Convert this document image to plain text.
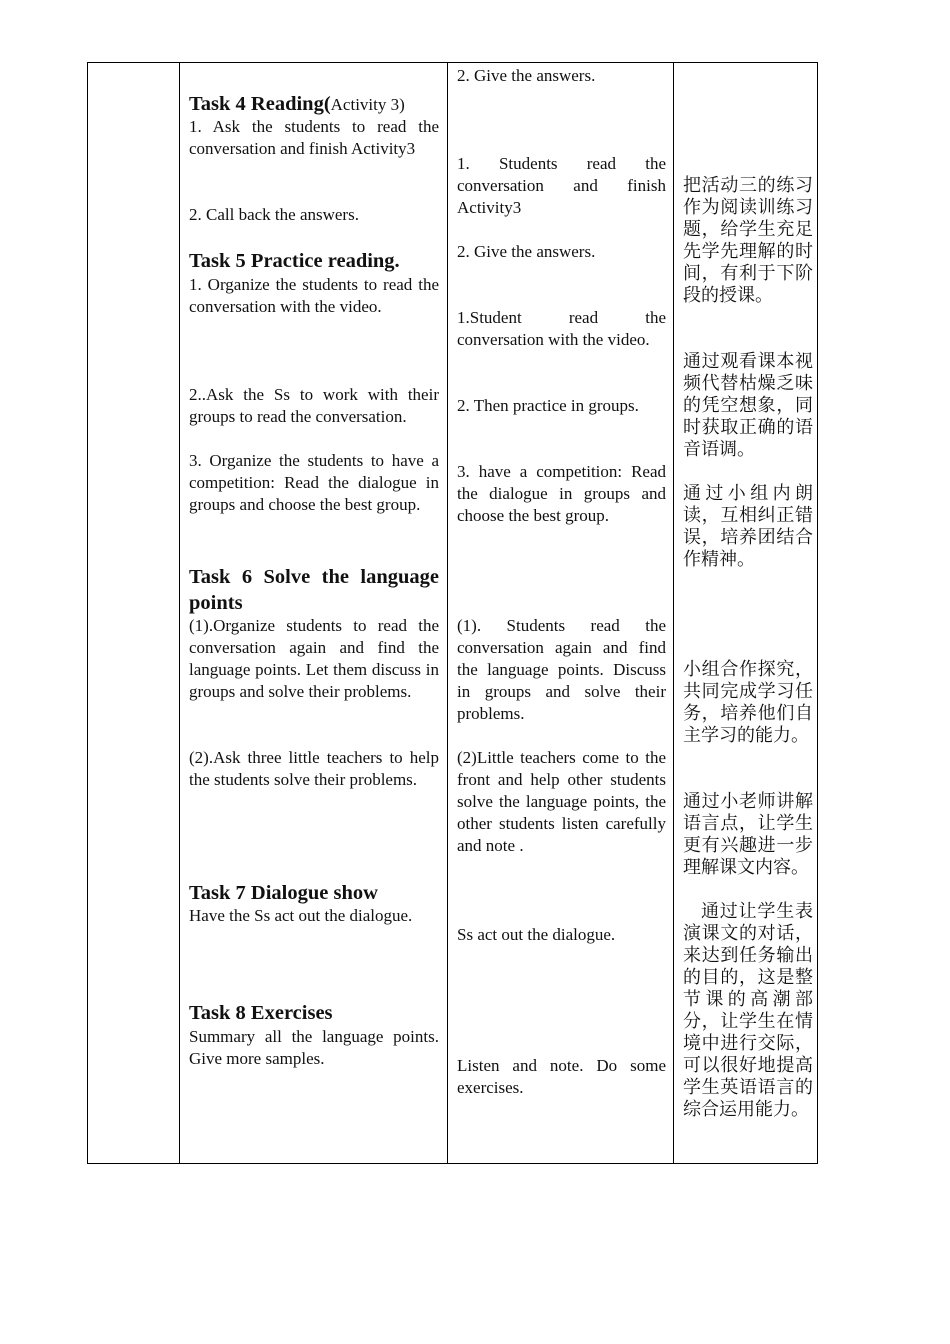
Task 4 Reading(Activity 3)
1. Ask the students to read the conversation and finish Activity3
2. Call back the answers.
Task 5 Practice reading.
1. Organize the students to read the conversation with the video.
2..Ask the Ss to work with their groups to read the conversation.
3. Organize the students to have a competition: Read the dialogue in groups and choose the best group.
Task 6 Solve the language points
(1).Organize students to read the conversation again and find the language points. Let them discuss in groups and solve their problems.
(2).Ask three little teachers to help the students solve their problems.
Task 7 Dialogue show
Have the Ss act out the dialogue.
Task 8 Exercises
Summary all the language points. Give more samples.
2. Give the answers.
1. Students read the conversation and finish Activity3
2. Give the answers.
1.Student read the conversation with the video.
2. Then practice in groups.
3. have a competition: Read the dialogue in groups and choose the best group.
(1). Students read the conversation again and find the language points. Discuss in groups and solve their problems.
(2)Little teachers come to the front and help other students solve the language points, the other students listen carefully and note .
Ss act out the dialogue.
Listen and note. Do some exercises.
把活动三的练习作为阅读训练习题，给学生充足先学先理解的时间，有利于下阶段的授课。
通过观看课本视频代替枯燥乏味的凭空想象，同时获取正确的语音语调。
通过小组内朗读，互相纠正错误，培养团结合作精神。
小组合作探究，共同完成学习任务，培养他们自主学习的能力。
通过小老师讲解语言点，让学生更有兴趣进一步理解课文内容。
通过让学生表演课文的对话，来达到任务输出的目的，这是整节课的高潮部分，让学生在情境中进行交际，可以很好地提高学生英语语言的综合运用能力。
